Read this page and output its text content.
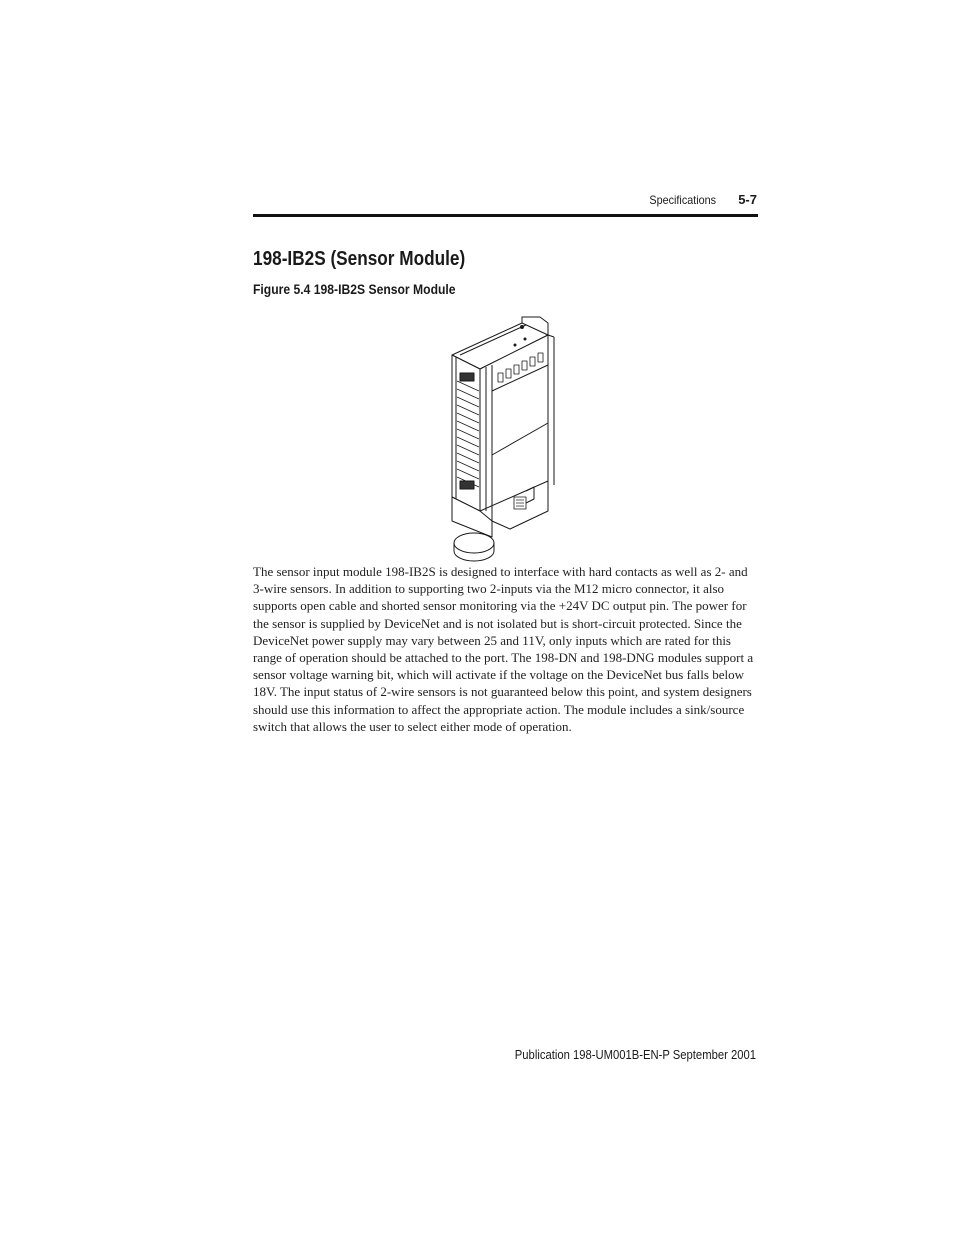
Specifications 5-7
198-IB2S (Sensor Module)
Figure 5.4 198-IB2S Sensor Module

The sensor input module 198-IB2S is designed to interface with hard contacts as well as 2- and 3-wire sensors. In addition to supporting two 2-inputs via the M12 micro connector, it also supports open cable and shorted sensor monitoring via the +24V DC output pin. The power for the sensor is supplied by DeviceNet and is not isolated but is short-circuit protected. Since the DeviceNet power supply may vary between 25 and 11V, only inputs which are rated for this range of operation should be attached to the port. The 198-DN and 198-DNG modules support a sensor voltage warning bit, which will activate if the voltage on the DeviceNet bus falls below 18V. The input status of 2-wire sensors is not guaranteed below this point, and system designers should use this information to affect the appropriate action. The module includes a sink/source switch that allows the user to select either mode of operation.

Publication 198-UM001B-EN-P September 2001
